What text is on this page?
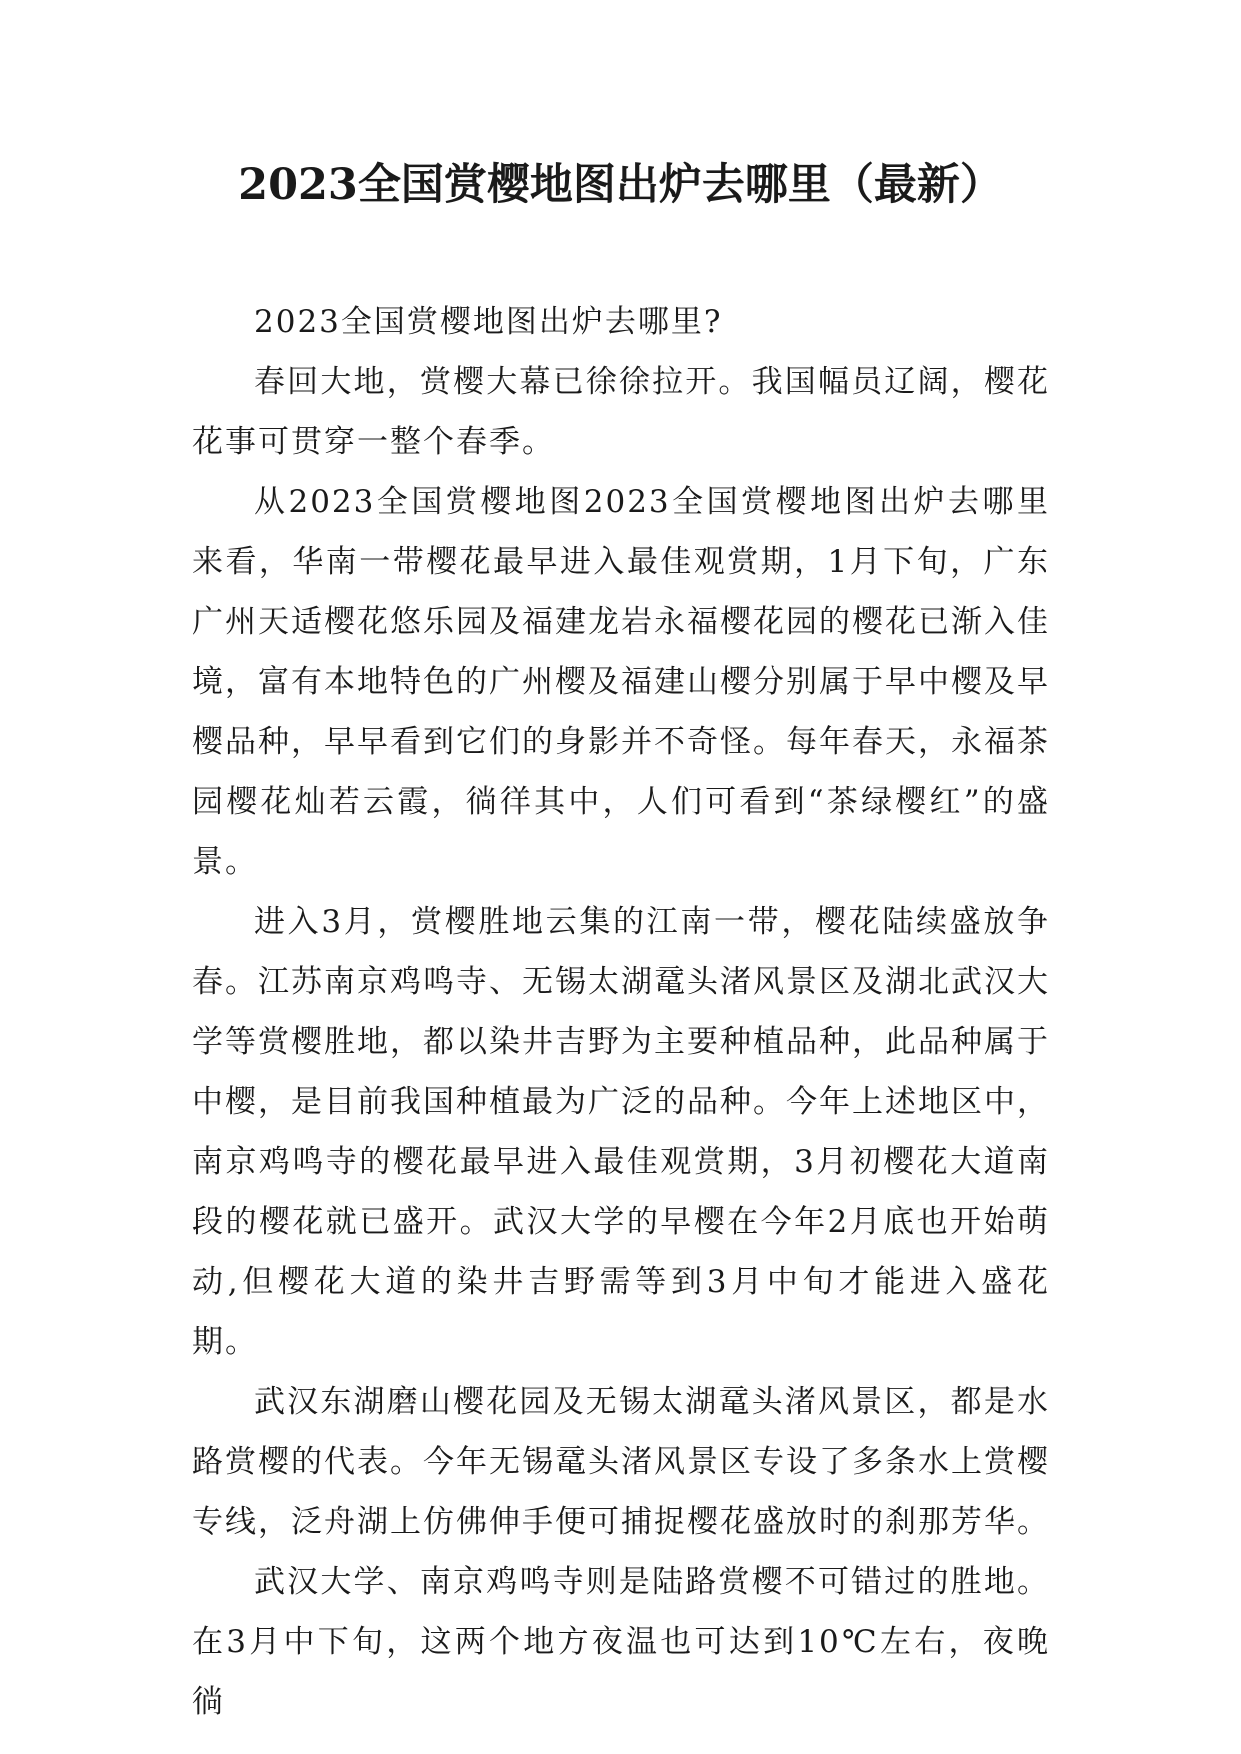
2023全国赏樱地图出炉去哪里（最新）

2023全国赏樱地图出炉去哪里?

春回大地，赏樱大幕已徐徐拉开。我国幅员辽阔，樱花花事可贯穿一整个春季。

从2023全国赏樱地图2023全国赏樱地图出炉去哪里来看，华南一带樱花最早进入最佳观赏期，1月下旬，广东广州天适樱花悠乐园及福建龙岩永福樱花园的樱花已渐入佳境，富有本地特色的广州樱及福建山樱分别属于早中樱及早樱品种，早早看到它们的身影并不奇怪。每年春天，永福茶园樱花灿若云霞，徜徉其中，人们可看到“茶绿樱红”的盛景。

进入3月，赏樱胜地云集的江南一带，樱花陆续盛放争春。江苏南京鸡鸣寺、无锡太湖鼋头渚风景区及湖北武汉大学等赏樱胜地，都以染井吉野为主要种植品种，此品种属于中樱，是目前我国种植最为广泛的品种。今年上述地区中，南京鸡鸣寺的樱花最早进入最佳观赏期，3月初樱花大道南段的樱花就已盛开。武汉大学的早樱在今年2月底也开始萌动,但樱花大道的染井吉野需等到3月中旬才能进入盛花期。

武汉东湖磨山樱花园及无锡太湖鼋头渚风景区，都是水路赏樱的代表。今年无锡鼋头渚风景区专设了多条水上赏樱专线，泛舟湖上仿佛伸手便可捕捉樱花盛放时的刹那芳华。

武汉大学、南京鸡鸣寺则是陆路赏樱不可错过的胜地。在3月中下旬，这两个地方夜温也可达到10℃左右，夜晚徜
